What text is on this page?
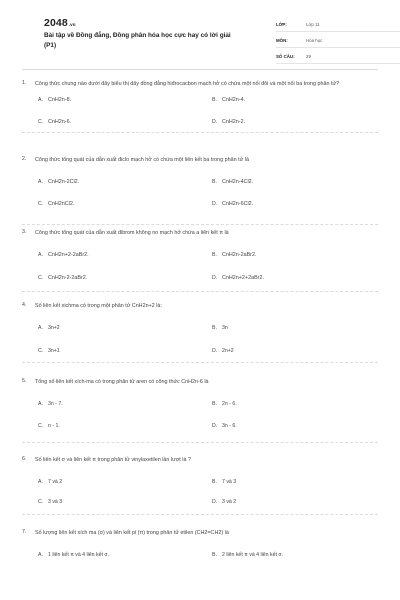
2048.vn
Bài tập về Đồng đẳng, Đồng phân hóa học cực hay có lời giải (P1)
LỚP:	Lớp 11
MÔN:	Hóa học
SỐ CÂU:	29
1. Công thức chung nào dưới đây biểu thị dãy đồng đẳng hiđrocacbon mạch hở có chứa một nối đôi và một nối ba trong phân tử?
A. CnH2n-8.	B. CnH2n-4.
C. CnH2n-6.	D. CnH2n-2.
2. Công thức tổng quát của dẫn xuất điclo mạch hở có chứa một liên kết ba trong phân tử là
A. CnH2n-2Cl2.	B. CnH2n-4Cl2.
C. CnH2nCl2.	D. CnH2n-6Cl2.
3. Công thức tổng quát của dẫn xuất đibrom không no mạch hở chứa a liên kết π là
A. CnH2n+2-2aBr2.	B. CnH2n-2aBr2.
C. CnH2n-2-2aBr2.	D. CnH2n+2+2aBr2.
4. Số liên kết xichma có trong một phân tử CnH2n+2 là:
A. 3n+2	B. 3n
C. 3n+1	D. 2n+2
5. Tổng số liên kết xích-ma có trong phân tử aren có công thức CnH2n-6 là
A. 3n - 7.	B. 2n - 6.
C. n - 1.	D. 3n - 6.
6. Số liên kết σ và liên kết π trong phân tử vinylaxetilen lần lượt là ?
A. 7 và 2	B. 7 và 3
C. 3 và 3	D. 3 và 2
7. Số lượng liên kết xích ma (σ) và liên kết pi (π) trong phân tử etilen (CH2=CH2) là
A. 1 liên kết π và 4 liên kết σ.	B. 2 liên kết π và 4 liên kết σ.
